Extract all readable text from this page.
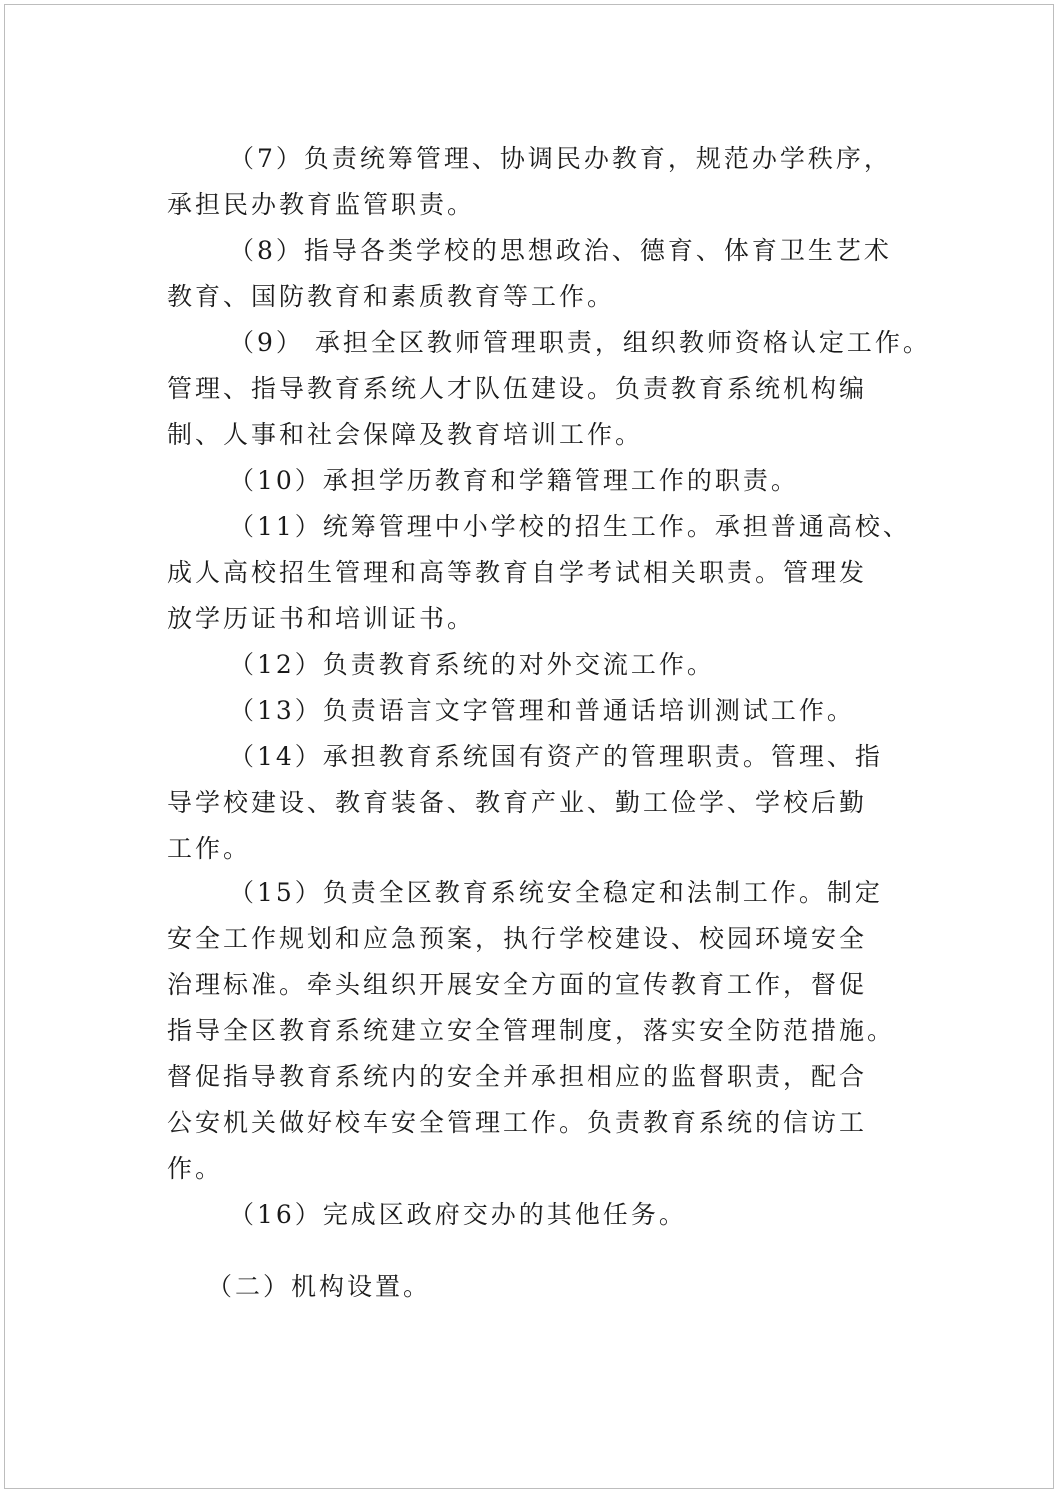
（7）负责统筹管理、协调民办教育，规范办学秩序，
承担民办教育监管职责。
（8）指导各类学校的思想政治、德育、体育卫生艺术
教育、国防教育和素质教育等工作。
（9） 承担全区教师管理职责，组织教师资格认定工作。
管理、指导教育系统人才队伍建设。负责教育系统机构编
制、人事和社会保障及教育培训工作。
（10）承担学历教育和学籍管理工作的职责。
（11）统筹管理中小学校的招生工作。承担普通高校、
成人高校招生管理和高等教育自学考试相关职责。管理发
放学历证书和培训证书。
（12）负责教育系统的对外交流工作。
（13）负责语言文字管理和普通话培训测试工作。
（14）承担教育系统国有资产的管理职责。管理、指
导学校建设、教育装备、教育产业、勤工俭学、学校后勤
工作。
（15）负责全区教育系统安全稳定和法制工作。制定
安全工作规划和应急预案，执行学校建设、校园环境安全
治理标准。牵头组织开展安全方面的宣传教育工作，督促
指导全区教育系统建立安全管理制度，落实安全防范措施。
督促指导教育系统内的安全并承担相应的监督职责，配合
公安机关做好校车安全管理工作。负责教育系统的信访工
作。
（16）完成区政府交办的其他任务。
（二）机构设置。
